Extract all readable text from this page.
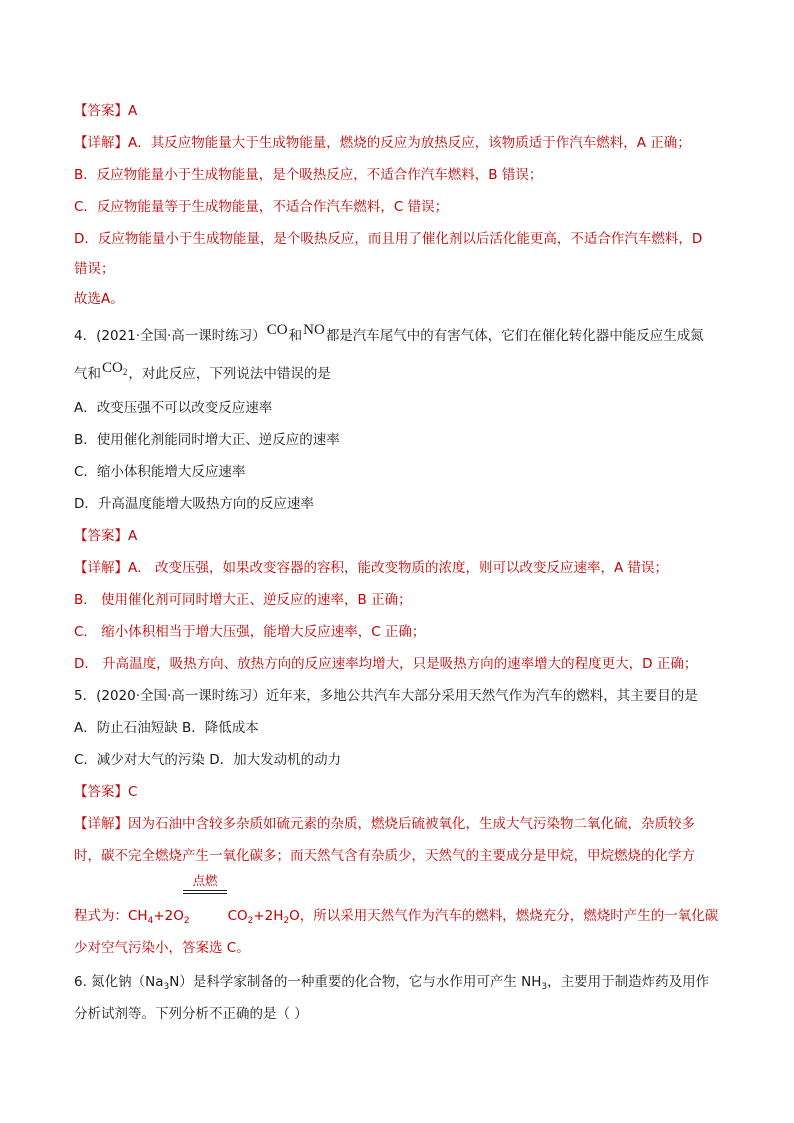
【答案】A
【详解】A．其反应物能量大于生成物能量，燃烧的反应为放热反应，该物质适于作汽车燃料，A 正确；
B．反应物能量小于生成物能量，是个吸热反应，不适合作汽车燃料，B 错误；
C．反应物能量等于生成物能量，不适合作汽车燃料，C 错误；
D．反应物能量小于生成物能量，是个吸热反应，而且用了催化剂以后活化能更高，不适合作汽车燃料，D
错误；
故选A。
4．(2021·全国·高一课时练习）CO和NO都是汽车尾气中的有害气体，它们在催化转化器中能反应生成氮
气和$CO_2$，对此反应，下列说法中错误的是
A．改变压强不可以改变反应速率
B．使用催化剂能同时增大正、逆反应的速率
C．缩小体积能增大反应速率
D．升高温度能增大吸热方向的反应速率
【答案】A
【详解】A． 改变压强，如果改变容器的容积，能改变物质的浓度，则可以改变反应速率，A 错误；
B． 使用催化剂可同时增大正、逆反应的速率，B 正确；
C． 缩小体积相当于增大压强，能增大反应速率，C 正确；
D． 升高温度，吸热方向、放热方向的反应速率均增大，只是吸热方向的速率增大的程度更大，D 正确；
5．(2020·全国·高一课时练习）近年来，多地公共汽车大部分采用天然气作为汽车的燃料，其主要目的是
A．防止石油短缺 B．降低成本
C．减少对大气的污染 D．加大发动机的动力
【答案】C
【详解】因为石油中含较多杂质如硫元素的杂质，燃烧后硫被氧化，生成大气污染物二氧化硫，杂质较多
时，碳不完全燃烧产生一氧化碳多；而天然气含有杂质少，天然气的主要成分是甲烷，甲烷燃烧的化学方
点燃
程式为：$CH_4+2O_2$	$CO_2+2H_2O$，所以采用天然气作为汽车的燃料，燃烧充分，燃烧时产生的一氧化碳
少对空气污染小，答案选 C。
6. 氮化钠$(Na_3N)$是科学家制备的一种重要的化合物，它与水作用可产生 $NH_3$，主要用于制造炸药及用作
分析试剂等。下列分析不正确的是（ ）
